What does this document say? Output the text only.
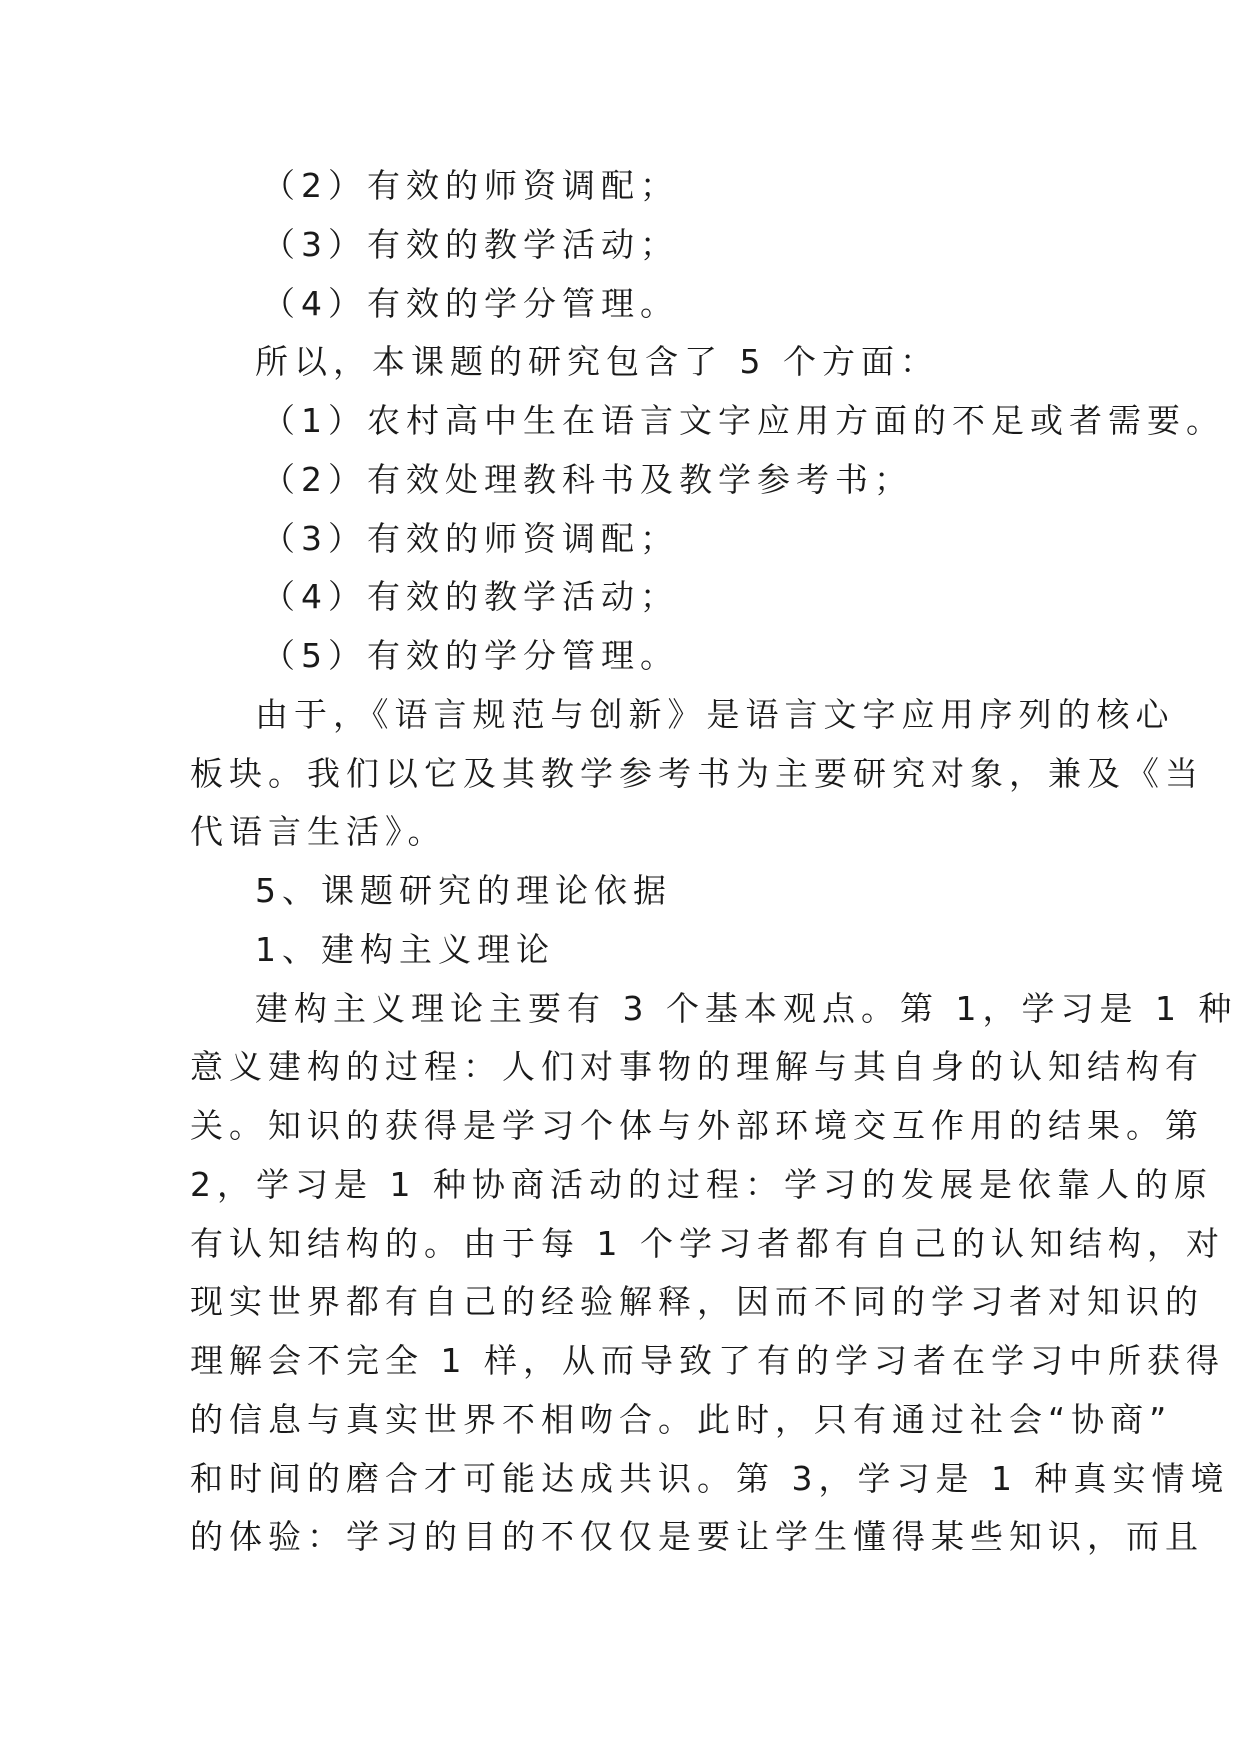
（2）有效的师资调配；
（3）有效的教学活动；
（4）有效的学分管理。
所以，本课题的研究包含了 5 个方面：
（1）农村高中生在语言文字应用方面的不足或者需要。
（2）有效处理教科书及教学参考书；
（3）有效的师资调配；
（4）有效的教学活动；
（5）有效的学分管理。
由于，《语言规范与创新》是语言文字应用序列的核心
板块。我们以它及其教学参考书为主要研究对象，兼及《当
代语言生活》。
5、课题研究的理论依据
1、建构主义理论
建构主义理论主要有 3 个基本观点。第 1，学习是 1 种
意义建构的过程：人们对事物的理解与其自身的认知结构有
关。知识的获得是学习个体与外部环境交互作用的结果。第
2，学习是 1 种协商活动的过程：学习的发展是依靠人的原
有认知结构的。由于每 1 个学习者都有自己的认知结构，对
现实世界都有自己的经验解释，因而不同的学习者对知识的
理解会不完全 1 样，从而导致了有的学习者在学习中所获得
的信息与真实世界不相吻合。此时，只有通过社会“协商”
和时间的磨合才可能达成共识。第 3，学习是 1 种真实情境
的体验：学习的目的不仅仅是要让学生懂得某些知识，而且
